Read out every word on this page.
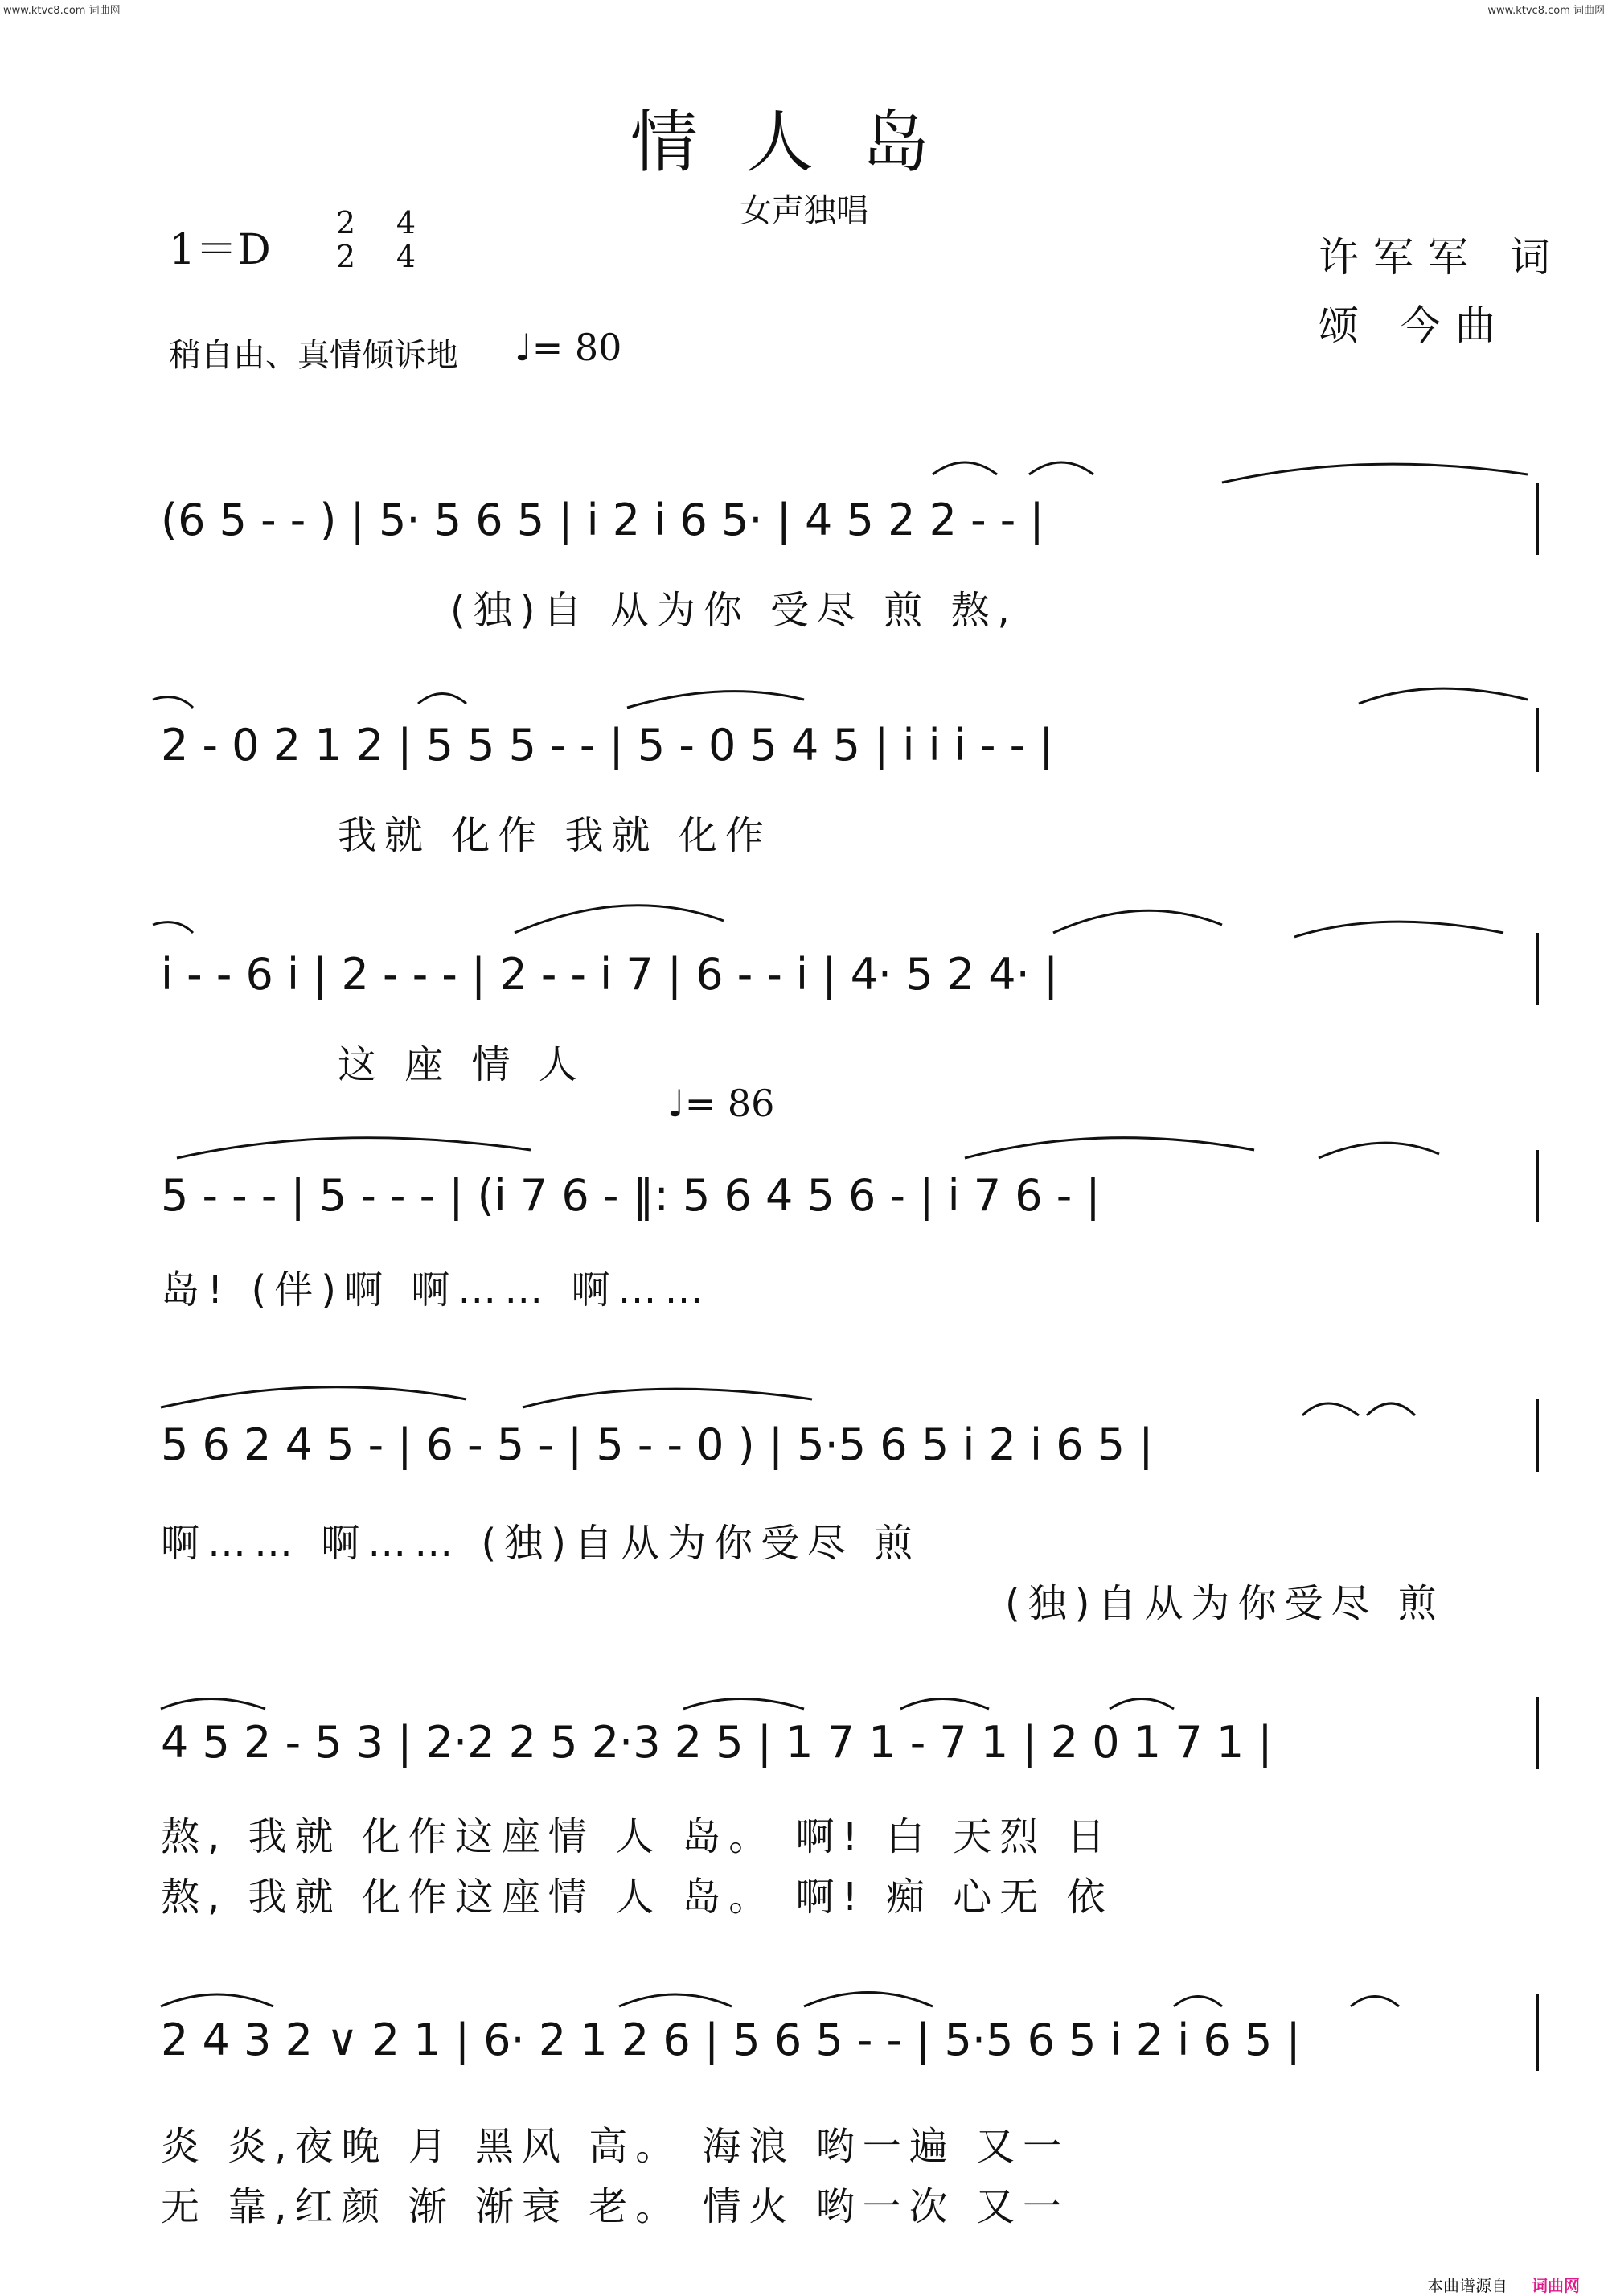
www.ktvc8.com 词曲网	www.ktvc8.com 词曲网
情人岛
女声独唱
1＝D
2
2
4
4	许军军 词
颂 今曲
稍自由、真情倾诉地 ♩= 80
(6 5 - - ) | 5· 5 6 5 | i 2 i 6 5· | 4 5 2 2 - - |
(独)自 从为你 受尽 煎 熬,
2 - 0 2 1 2 | 5 5 5 - - | 5 - 0 5 4 5 | i i i - - |
我就 化作 我就 化作
i - - 6 i | 2 - - - | 2 - - i 7 | 6 - - i | 4· 5 2 4· |
这 座 情 人
♩= 86
5 - - - | 5 - - - | (i 7 6 - ‖: 5 6 4 5 6 - | i 7 6 - |
岛! (伴)啊 啊…… 啊……
5 6 2 4 5 - | 6 - 5 - | 5 - - 0 ) | 5·5 6 5 i 2 i 6 5 |
啊…… 啊…… (独)自从为你受尽 煎
(独)自从为你受尽 煎
4 5 2 - 5 3 | 2·2 2 5 2·3 2 5 | 1 7 1 - 7 1 | 2 0 1 7 1 |
熬, 我就 化作这座情 人 岛。 啊! 白 天烈 日
熬, 我就 化作这座情 人 岛。 啊! 痴 心无 依
2 4 3 2 ∨ 2 1 | 6· 2 1 2 6 | 5 6 5 - - | 5·5 6 5 i 2 i 6 5 |
炎 炎,夜晚 月 黑风 高。 海浪 哟一遍 又一
无 靠,红颜 渐 渐衰 老。 情火 哟一次 又一
本曲谱源自 词曲网
